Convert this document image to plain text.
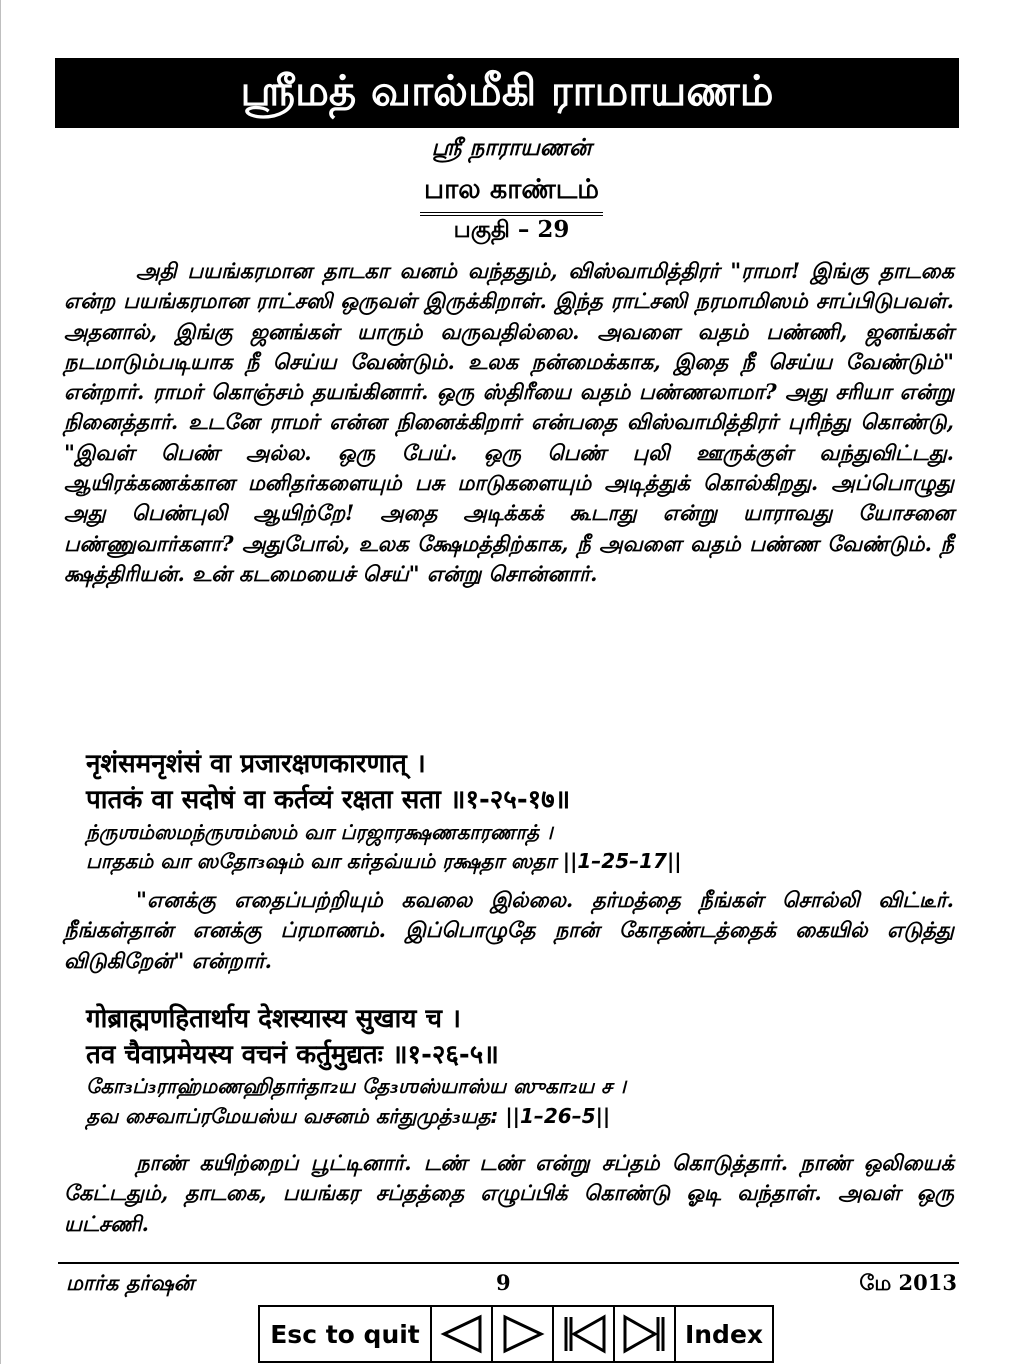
ஸ்ரீமத் வால்மீகி ராமாயணம்
ஸ்ரீ நாராயணன்
பால காண்டம்
பகுதி – 29
அதி பயங்கரமான தாடகா வனம் வந்ததும், விஸ்வாமித்திரர் "ராமா! இங்கு தாடகை என்ற பயங்கரமான ராட்சஸி ஒருவள் இருக்கிறாள். இந்த ராட்சஸி நரமாமிஸம் சாப்பிடுபவள். அதனால், இங்கு ஜனங்கள் யாரும் வருவதில்லை. அவளை வதம் பண்ணி, ஜனங்கள் நடமாடும்படியாக நீ செய்ய வேண்டும். உலக நன்மைக்காக, இதை நீ செய்ய வேண்டும்" என்றார். ராமர் கொஞ்சம் தயங்கினார். ஒரு ஸ்திரீயை வதம் பண்ணலாமா? அது சரியா என்று நினைத்தார். உடனே ராமர் என்ன நினைக்கிறார் என்பதை விஸ்வாமித்திரர் புரிந்து கொண்டு, "இவள் பெண் அல்ல. ஒரு பேய். ஒரு பெண் புலி ஊருக்குள் வந்துவிட்டது. ஆயிரக்கணக்கான மனிதர்களையும் பசு மாடுகளையும் அடித்துக் கொல்கிறது. அப்பொழுது அது பெண்புலி ஆயிற்றே! அதை அடிக்கக் கூடாது என்று யாராவது யோசனை பண்ணுவார்களா? அதுபோல், உலக க்ஷேமத்திற்காக, நீ அவளை வதம் பண்ண வேண்டும். நீ க்ஷத்திரியன். உன் கடமையைச் செய்" என்று சொன்னார்.
नृशंसमनृशंसं वा प्रजारक्षणकारणात् ।
पातकं वा सदोषं वा कर्तव्यं रक्षता सता ॥१-२५-१७॥
ந்ருஶம்ஸமந்ருஶம்ஸம் வா ப்ரஜாரக்ஷணகாரணாத் ।
பாதகம் வா ஸதோ₃ஷம் வா கர்தவ்யம் ரக்ஷதா ஸதா ||1–25–17||
"எனக்கு எதைப்பற்றியும் கவலை இல்லை. தர்மத்தை நீங்கள் சொல்லி விட்டீர். நீங்கள்தான் எனக்கு ப்ரமாணம். இப்பொழுதே நான் கோதண்டத்தைக் கையில் எடுத்து விடுகிறேன்" என்றார்.
गोब्राह्मणहितार्थाय देशस्यास्य सुखाय च ।
तव चैवाप्रमेयस्य वचनं कर्तुमुद्यतः ॥१-२६-५॥
கோ₃ப்₃ராஹ்மணஹிதார்தா₂ய தே₃ஶஸ்யாஸ்ய ஸுகா₂ய ச ।
தவ சைவாப்ரமேயஸ்ய வசனம் கர்துமுத்₃யத: ||1–26–5||
நாண் கயிற்றைப் பூட்டினார். டண் டண் என்று சப்தம் கொடுத்தார். நாண் ஒலியைக் கேட்டதும், தாடகை, பயங்கர சப்தத்தை எழுப்பிக் கொண்டு ஓடி வந்தாள். அவள் ஒரு யட்சணி.
மார்க தர்ஷன்	9	மே 2013
Esc to quit	Index
